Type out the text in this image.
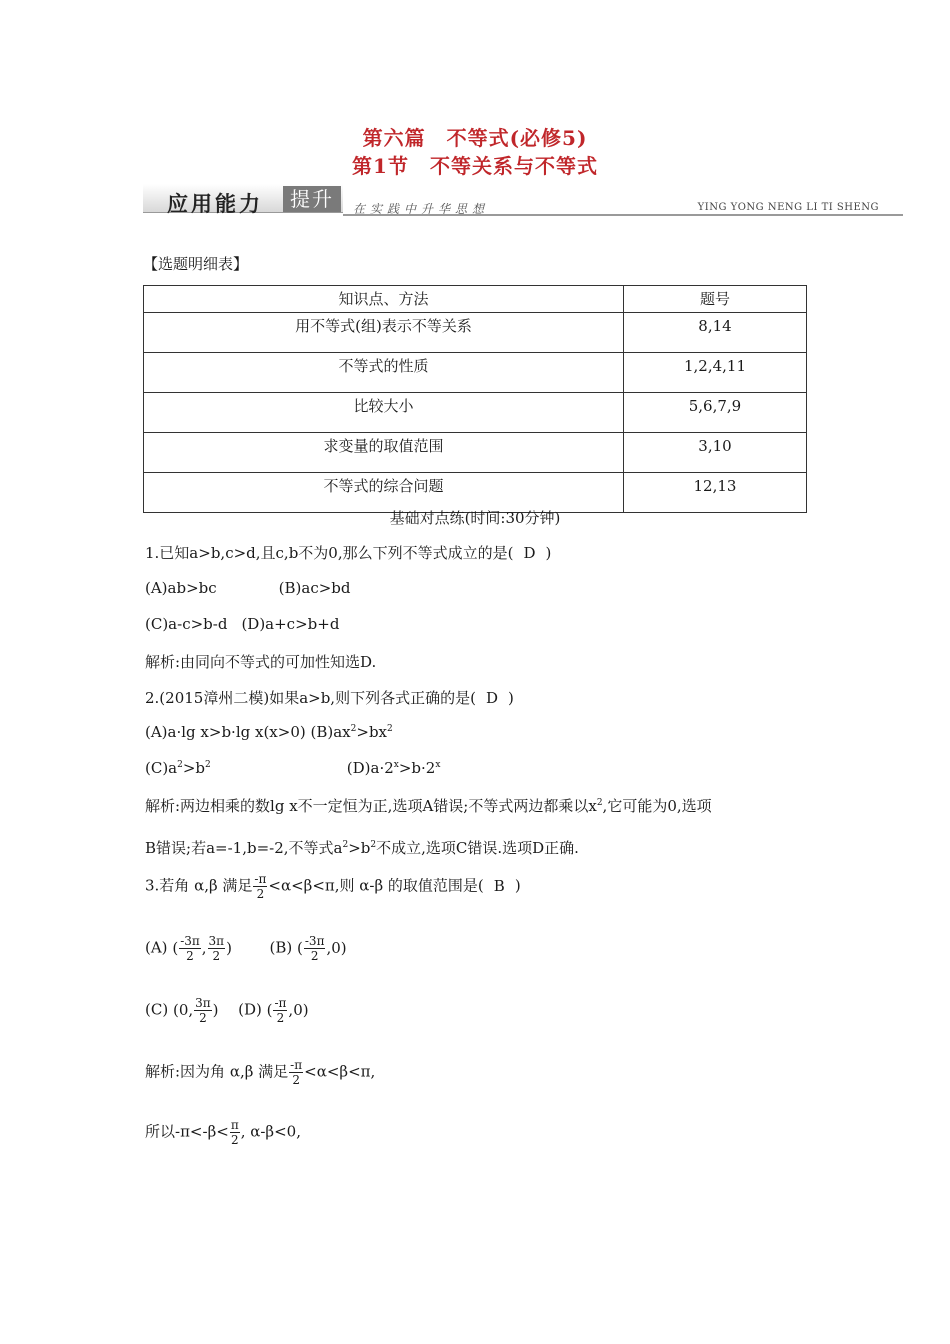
第六篇　不等式(必修5)
第1节　不等关系与不等式
应用能力	提升	在实践中升华思想	YING YONG NENG LI TI SHENG
【选题明细表】
知识点、方法	题号
用不等式(组)表示不等关系	8,14
不等式的性质	1,2,4,11
比较大小	5,6,7,9
求变量的取值范围	3,10
不等式的综合问题	12,13
基础对点练(时间:30分钟)
1.已知a>b,c>d,且c,b不为0,那么下列不等式成立的是( D )
(A)ab>bc	(B)ac>bd
(C)a-c>b-d (D)a+c>b+d
解析:由同向不等式的可加性知选D.
2.(2015漳州二模)如果a>b,则下列各式正确的是( D )
(A)a·lg x>b·lg x(x>0) $(B)ax^2>bx^2$
$(C)a^2>b^2$	$(D)a\cdot 2^x>b\cdot 2^x$
解析:两边相乘的数lg x不一定恒为正,选项A错误;不等式两边都乘以$x^2$,它可能为0,选项
B错误;若a=-1,b=-2,不等式$a^2>b^2$不成立,选项C错误.选项D正确.
3.若角 α,β 满足 $\frac{-\pi}{2} <\alpha<\beta<\pi$,则 α-β 的取值范围是( B )
(A) ( $\frac{-3\pi}{2}$ , $\frac{3\pi}{2}$ )	(B) ( $\frac{-3\pi}{2} ,0$)
(C) (0, $\frac{3\pi}{2}$ ) (D) ( $\frac{-\pi}{2} ,0$)
解析:因为角 α,β 满足 $\frac{-\pi}{2} <\alpha<\beta<\pi$,
所以$-\pi<-\beta< \frac{\pi}{2}$ , α-β<0,
